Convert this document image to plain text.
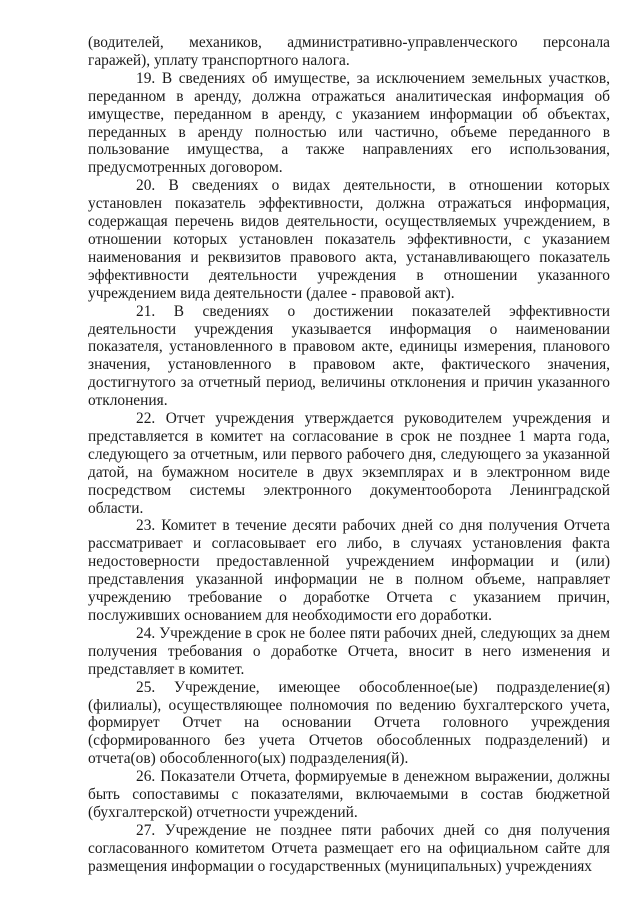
(водителей, механиков, административно-управленческого персонала гаражей), уплату транспортного налога.

19. В сведениях об имуществе, за исключением земельных участков, переданном в аренду, должна отражаться аналитическая информация об имуществе, переданном в аренду, с указанием информации об объектах, переданных в аренду полностью или частично, объеме переданного в пользование имущества, а также направлениях его использования, предусмотренных договором.

20. В сведениях о видах деятельности, в отношении которых установлен показатель эффективности, должна отражаться информация, содержащая перечень видов деятельности, осуществляемых учреждением, в отношении которых установлен показатель эффективности, с указанием наименования и реквизитов правового акта, устанавливающего показатель эффективности деятельности учреждения в отношении указанного учреждением вида деятельности (далее - правовой акт).

21. В сведениях о достижении показателей эффективности деятельности учреждения указывается информация о наименовании показателя, установленного в правовом акте, единицы измерения, планового значения, установленного в правовом акте, фактического значения, достигнутого за отчетный период, величины отклонения и причин указанного отклонения.

22. Отчет учреждения утверждается руководителем учреждения и представляется в комитет на согласование в срок не позднее 1 марта года, следующего за отчетным, или первого рабочего дня, следующего за указанной датой, на бумажном носителе в двух экземплярах и в электронном виде посредством системы электронного документооборота Ленинградской области.

23. Комитет в течение десяти рабочих дней со дня получения Отчета рассматривает и согласовывает его либо, в случаях установления факта недостоверности предоставленной учреждением информации и (или) представления указанной информации не в полном объеме, направляет учреждению требование о доработке Отчета с указанием причин, послуживших основанием для необходимости его доработки.

24. Учреждение в срок не более пяти рабочих дней, следующих за днем получения требования о доработке Отчета, вносит в него изменения и представляет в комитет.

25. Учреждение, имеющее обособленное(ые) подразделение(я) (филиалы), осуществляющее полномочия по ведению бухгалтерского учета, формирует Отчет на основании Отчета головного учреждения (сформированного без учета Отчетов обособленных подразделений) и отчета(ов) обособленного(ых) подразделения(й).

26. Показатели Отчета, формируемые в денежном выражении, должны быть сопоставимы с показателями, включаемыми в состав бюджетной (бухгалтерской) отчетности учреждений.

27. Учреждение не позднее пяти рабочих дней со дня получения согласованного комитетом Отчета размещает его на официальном сайте для размещения информации о государственных (муниципальных) учреждениях
